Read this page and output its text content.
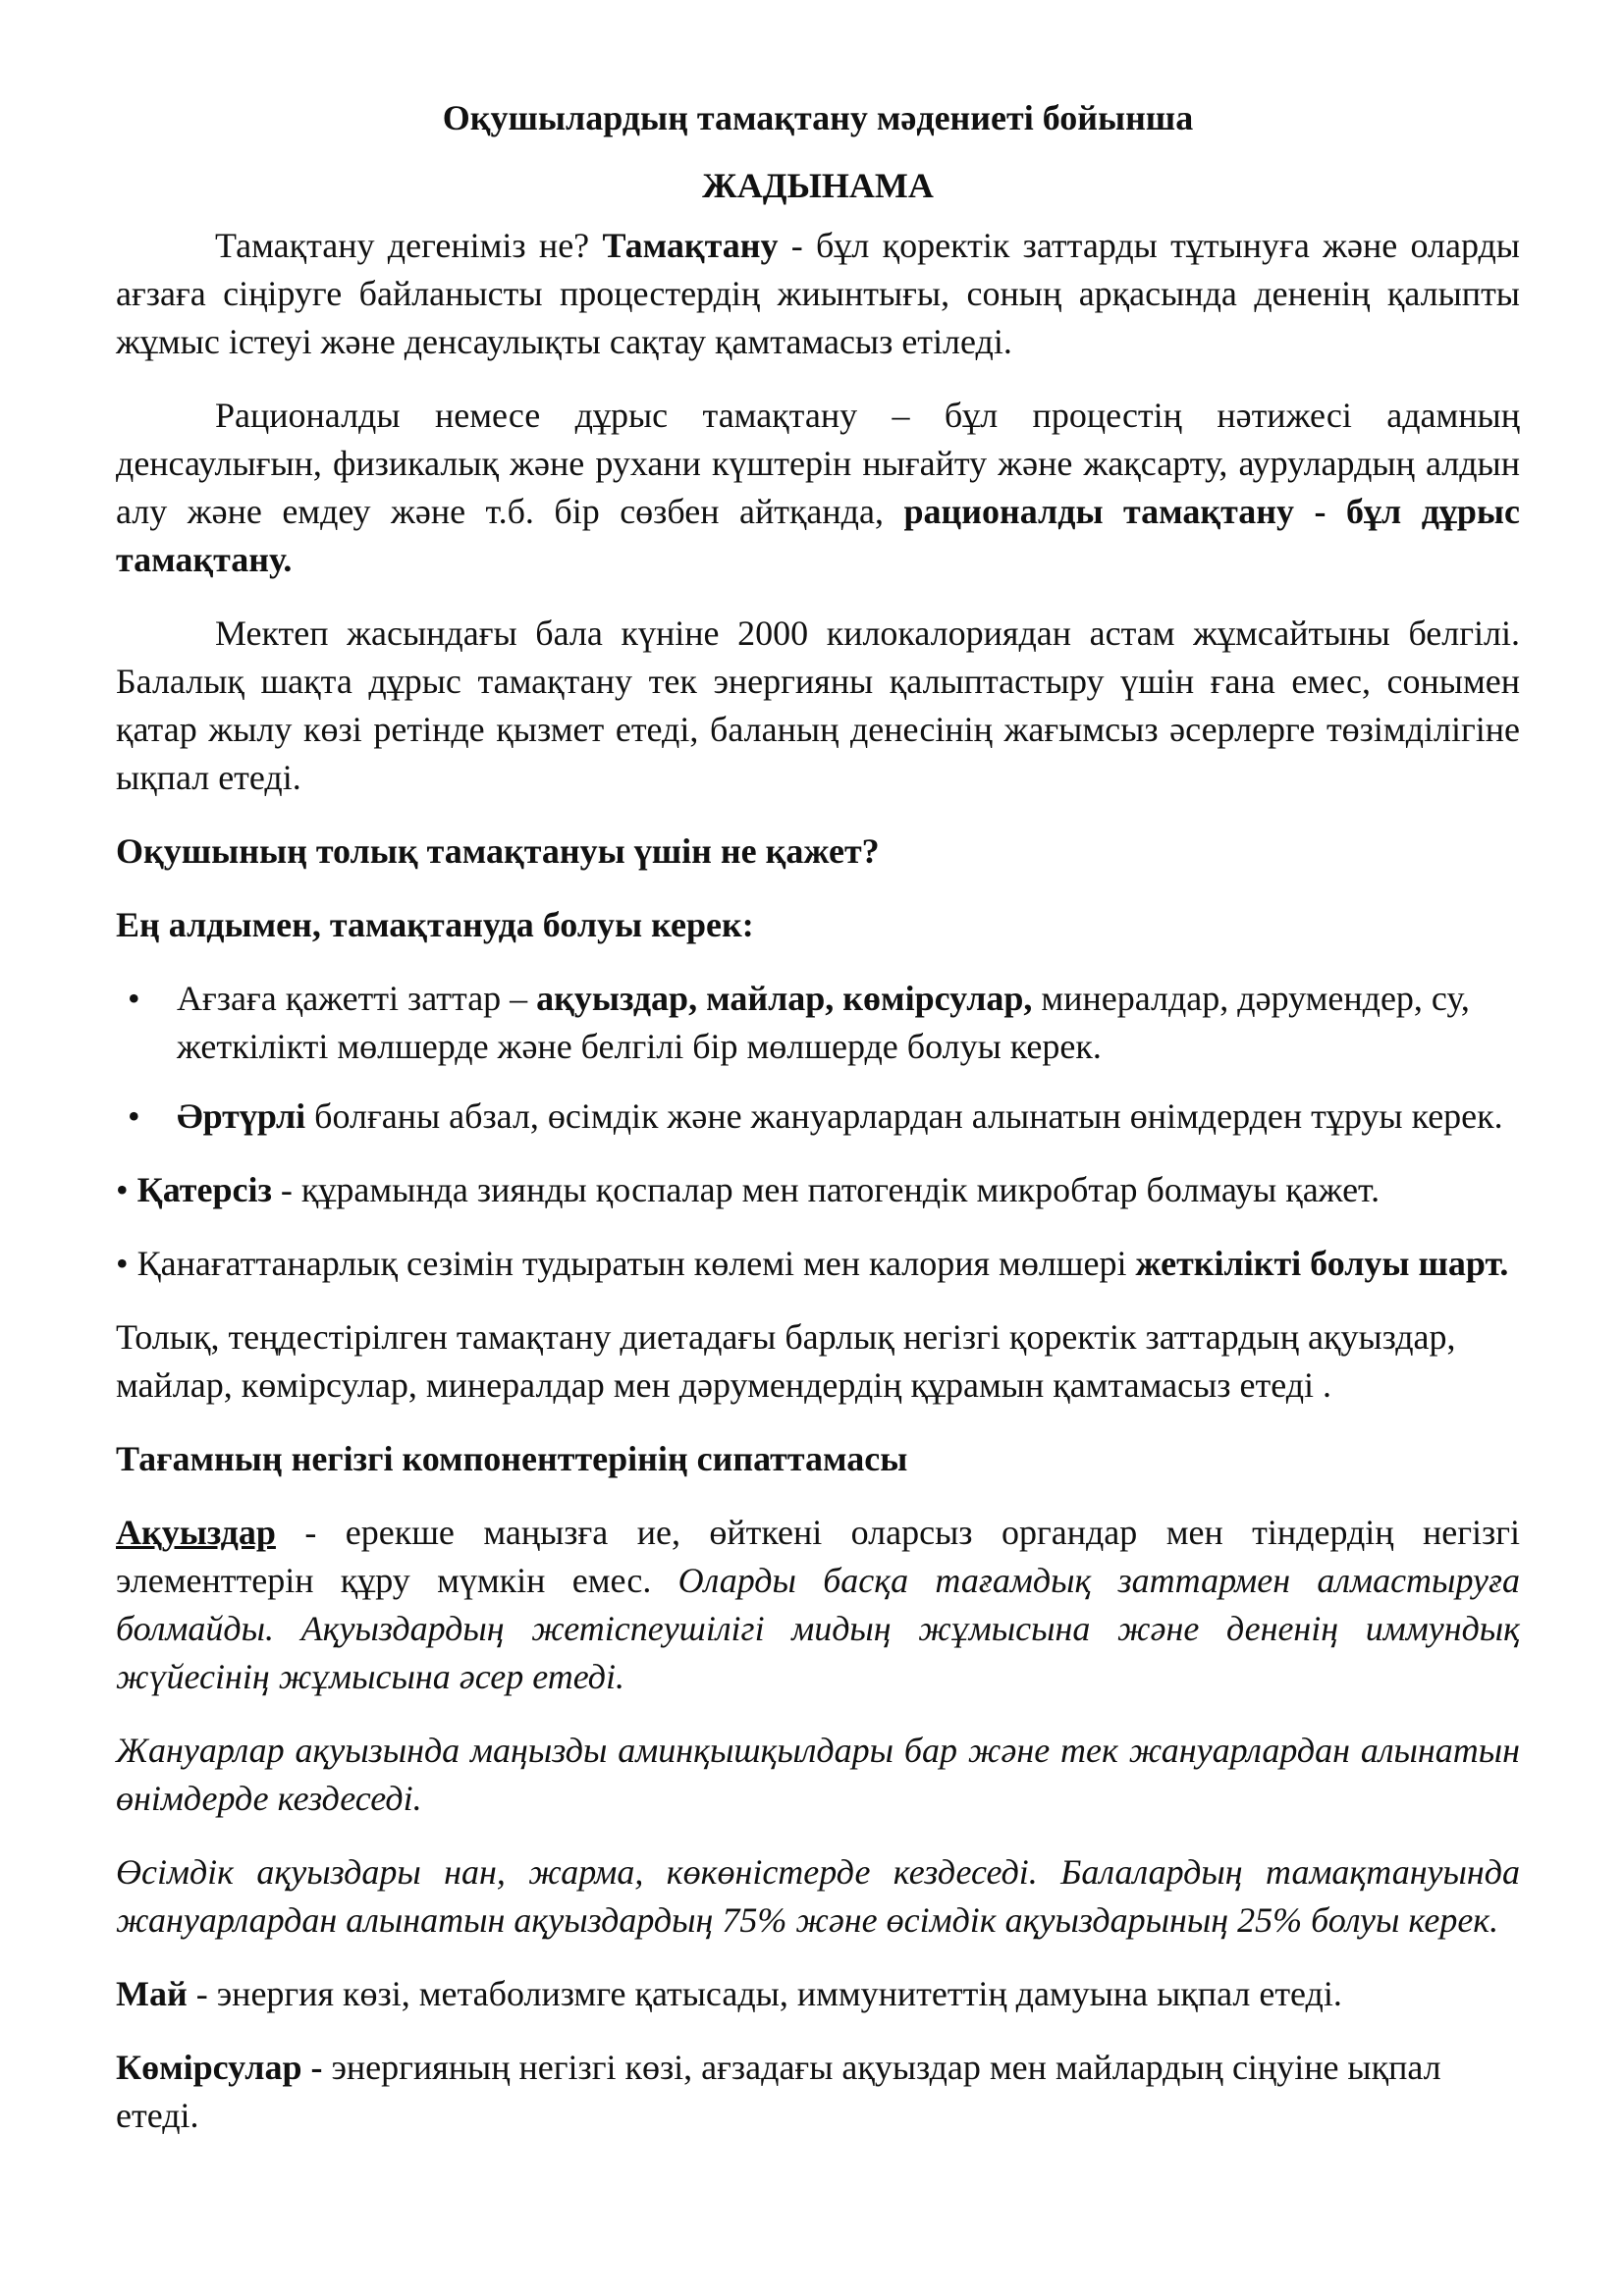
Оқушылардың тамақтану мәдениеті бойынша

ЖАДЫНАМА

Тамақтану дегеніміз не? Тамақтану - бұл қоректік заттарды тұтынуға және оларды ағзаға сіңіруге байланысты процестердің жиынтығы, соның арқасында дененің қалыпты жұмыс істеуі және денсаулықты сақтау қамтамасыз етіледі.

Рационалды немесе дұрыс тамақтану – бұл процестің нәтижесі адамның денсаулығын, физикалық және рухани күштерін нығайту және жақсарту, аурулардың алдын алу және емдеу және т.б. бір сөзбен айтқанда, рационалды тамақтану - бұл дұрыс тамақтану.

Мектеп жасындағы бала күніне 2000 килокалориядан астам жұмсайтыны белгілі. Балалық шақта дұрыс тамақтану тек энергияны қалыптастыру үшін ғана емес, сонымен қатар жылу көзі ретінде қызмет етеді, баланың денесінің жағымсыз әсерлерге төзімділігіне ықпал етеді.

Оқушының толық тамақтануы үшін не қажет?

Ең алдымен, тамақтануда болуы керек:

• Ағзаға қажетті заттар – ақуыздар, майлар, көмірсулар, минералдар, дәрумендер, су, жеткілікті мөлшерде және белгілі бір мөлшерде болуы керек.
• Әртүрлі болғаны абзал, өсімдік және жануарлардан алынатын өнімдерден тұруы керек.

• Қатерсіз - құрамында зиянды қоспалар мен патогендік микробтар болмауы қажет.

• Қанағаттанарлық сезімін тудыратын көлемі мен калория мөлшері жеткілікті болуы шарт.

Толық, теңдестірілген тамақтану диетадағы барлық негізгі қоректік заттардың ақуыздар, майлар, көмірсулар, минералдар мен дәрумендердің құрамын қамтамасыз етеді .

Тағамның негізгі компоненттерінің сипаттамасы

Ақуыздар - ерекше маңызға ие, өйткені оларсыз органдар мен тіндердің негізгі элементтерін құру мүмкін емес. Оларды басқа тағамдық заттармен алмастыруға болмайды. Ақуыздардың жетіспеушілігі мидың жұмысына және дененің иммундық жүйесінің жұмысына әсер етеді.

Жануарлар ақуызында маңызды аминқышқылдары бар және тек жануарлардан алынатын өнімдерде кездеседі.

Өсімдік ақуыздары нан, жарма, көкөністерде кездеседі. Балалардың тамақтануында жануарлардан алынатын ақуыздардың 75% және өсімдік ақуыздарының 25% болуы керек.

Май - энергия көзі, метаболизмге қатысады, иммунитеттің дамуына ықпал етеді.

Көмірсулар - энергияның негізгі көзі, ағзадағы ақуыздар мен майлардың сіңуіне ықпал етеді.
